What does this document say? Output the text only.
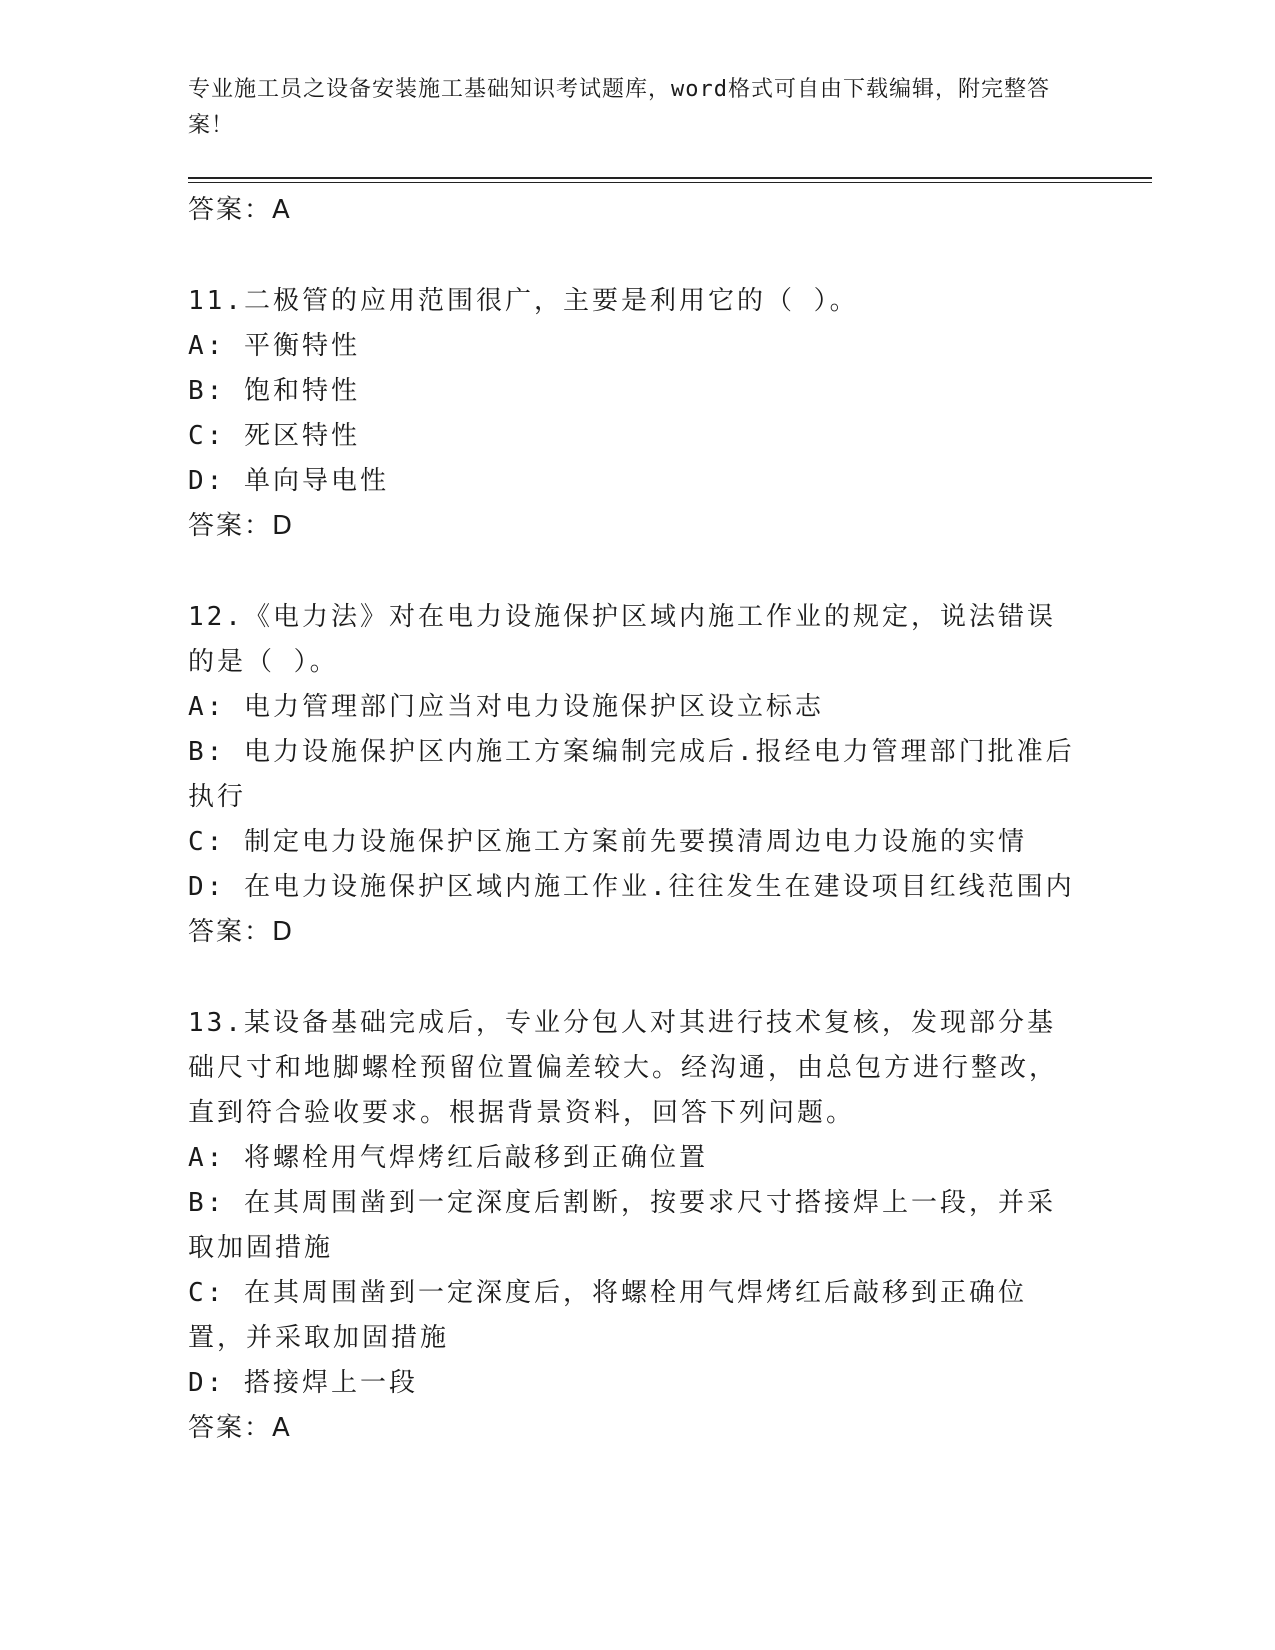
专业施工员之设备安装施工基础知识考试题库，word格式可自由下载编辑，附完整答案！
答案：A
11.二极管的应用范围很广，主要是利用它的（ ）。
A: 平衡特性
B: 饱和特性
C: 死区特性
D: 单向导电性
答案：D
12.《电力法》对在电力设施保护区域内施工作业的规定，说法错误的是（ ）。
A: 电力管理部门应当对电力设施保护区设立标志
B: 电力设施保护区内施工方案编制完成后.报经电力管理部门批准后执行
C: 制定电力设施保护区施工方案前先要摸清周边电力设施的实情
D: 在电力设施保护区域内施工作业.往往发生在建设项目红线范围内
答案：D
13.某设备基础完成后，专业分包人对其进行技术复核，发现部分基础尺寸和地脚螺栓预留位置偏差较大。经沟通，由总包方进行整改，直到符合验收要求。根据背景资料，回答下列问题。
A: 将螺栓用气焊烤红后敲移到正确位置
B: 在其周围凿到一定深度后割断，按要求尺寸搭接焊上一段，并采取加固措施
C: 在其周围凿到一定深度后，将螺栓用气焊烤红后敲移到正确位置，并采取加固措施
D: 搭接焊上一段
答案：A
